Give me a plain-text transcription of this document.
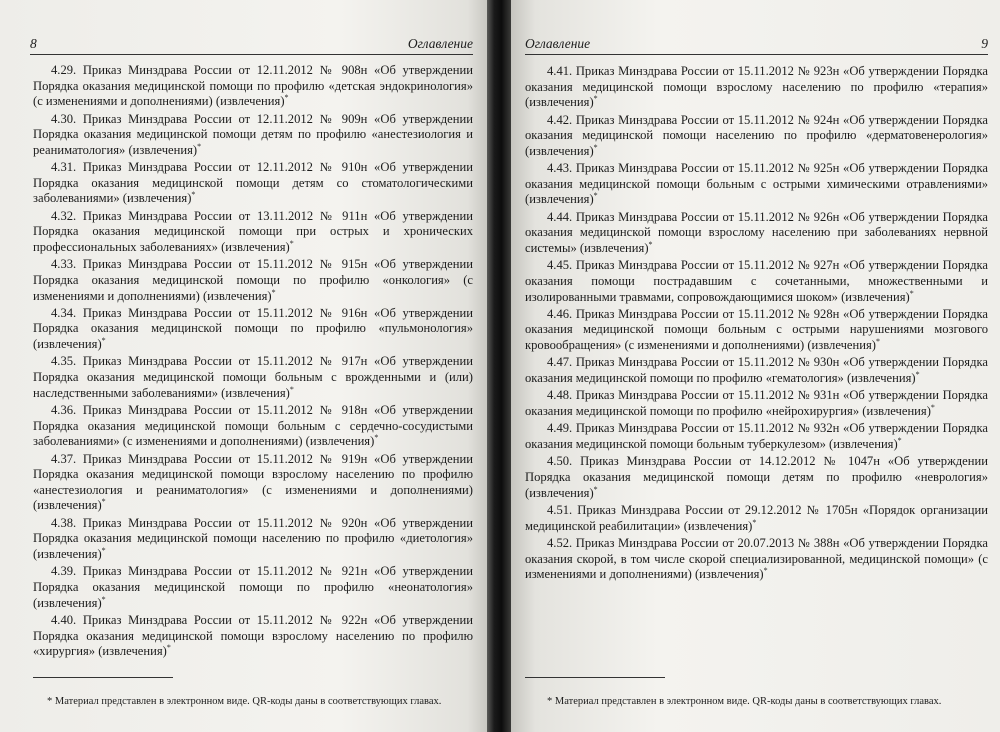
8	Оглавление

4.29. Приказ Минздрава России от 12.11.2012 № 908н «Об утверждении Порядка оказания медицинской помощи по профилю «детская эндокринология» (с изменениями и дополнениями) (извлечения)*

4.30. Приказ Минздрава России от 12.11.2012 № 909н «Об утверждении Порядка оказания медицинской помощи детям по профилю «анестезиология и реаниматология» (извлечения)*

4.31. Приказ Минздрава России от 12.11.2012 № 910н «Об утверждении Порядка оказания медицинской помощи детям со стоматологическими заболеваниями» (извлечения)*

4.32. Приказ Минздрава России от 13.11.2012 № 911н «Об утверждении Порядка оказания медицинской помощи при острых и хронических профессиональных заболеваниях» (извлечения)*

4.33. Приказ Минздрава России от 15.11.2012 № 915н «Об утверждении Порядка оказания медицинской помощи по профилю «онкология» (с изменениями и дополнениями) (извлечения)*

4.34. Приказ Минздрава России от 15.11.2012 № 916н «Об утверждении Порядка оказания медицинской помощи по профилю «пульмонология» (извлечения)*

4.35. Приказ Минздрава России от 15.11.2012 № 917н «Об утверждении Порядка оказания медицинской помощи больным с врожденными и (или) наследственными заболеваниями» (извлечения)*

4.36. Приказ Минздрава России от 15.11.2012 № 918н «Об утверждении Порядка оказания медицинской помощи больным с сердечно-сосудистыми заболеваниями» (с изменениями и дополнениями) (извлечения)*

4.37. Приказ Минздрава России от 15.11.2012 № 919н «Об утверждении Порядка оказания медицинской помощи взрослому населению по профилю «анестезиология и реаниматология» (с изменениями и дополнениями) (извлечения)*

4.38. Приказ Минздрава России от 15.11.2012 № 920н «Об утверждении Порядка оказания медицинской помощи населению по профилю «диетология» (извлечения)*

4.39. Приказ Минздрава России от 15.11.2012 № 921н «Об утверждении Порядка оказания медицинской помощи по профилю «неонатология» (извлечения)*

4.40. Приказ Минздрава России от 15.11.2012 № 922н «Об утверждении Порядка оказания медицинской помощи взрослому населению по профилю «хирургия» (извлечения)*

* Материал представлен в электронном виде. QR-коды даны в соответствующих главах.

Оглавление	9

4.41. Приказ Минздрава России от 15.11.2012 № 923н «Об утверждении Порядка оказания медицинской помощи взрослому населению по профилю «терапия» (извлечения)*

4.42. Приказ Минздрава России от 15.11.2012 № 924н «Об утверждении Порядка оказания медицинской помощи населению по профилю «дерматовенерология» (извлечения)*

4.43. Приказ Минздрава России от 15.11.2012 № 925н «Об утверждении Порядка оказания медицинской помощи больным с острыми химическими отравлениями» (извлечения)*

4.44. Приказ Минздрава России от 15.11.2012 № 926н «Об утверждении Порядка оказания медицинской помощи взрослому населению при заболеваниях нервной системы» (извлечения)*

4.45. Приказ Минздрава России от 15.11.2012 № 927н «Об утверждении Порядка оказания помощи пострадавшим с сочетанными, множественными и изолированными травмами, сопровождающимися шоком» (извлечения)*

4.46. Приказ Минздрава России от 15.11.2012 № 928н «Об утверждении Порядка оказания медицинской помощи больным с острыми нарушениями мозгового кровообращения» (с изменениями и дополнениями) (извлечения)*

4.47. Приказ Минздрава России от 15.11.2012 № 930н «Об утверждении Порядка оказания медицинской помощи по профилю «гематология» (извлечения)*

4.48. Приказ Минздрава России от 15.11.2012 № 931н «Об утверждении Порядка оказания медицинской помощи по профилю «нейрохирургия» (извлечения)*

4.49. Приказ Минздрава России от 15.11.2012 № 932н «Об утверждении Порядка оказания медицинской помощи больным туберкулезом» (извлечения)*

4.50. Приказ Минздрава России от 14.12.2012 № 1047н «Об утверждении Порядка оказания медицинской помощи детям по профилю «неврология» (извлечения)*

4.51. Приказ Минздрава России от 29.12.2012 № 1705н «Порядок организации медицинской реабилитации» (извлечения)*

4.52. Приказ Минздрава России от 20.07.2013 № 388н «Об утверждении Порядка оказания скорой, в том числе скорой специализированной, медицинской помощи» (с изменениями и дополнениями) (извлечения)*

* Материал представлен в электронном виде. QR-коды даны в соответствующих главах.
